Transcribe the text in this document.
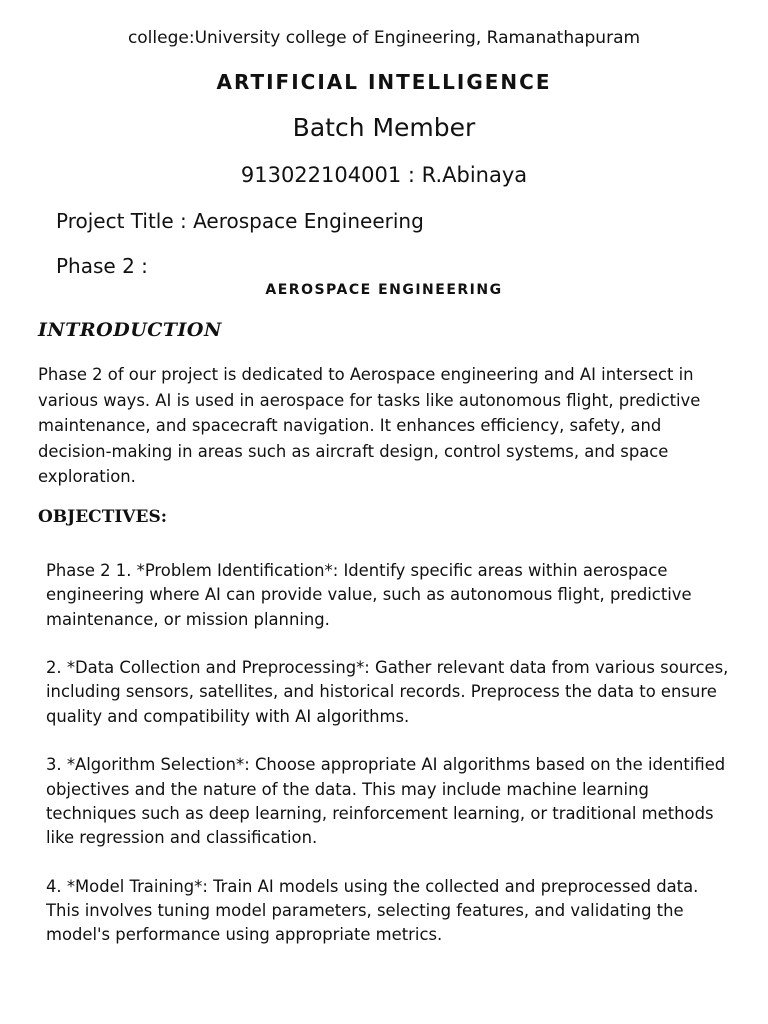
college:University college of Engineering, Ramanathapuram
ARTIFICIAL INTELLIGENCE
Batch Member
913022104001 : R.Abinaya
Project Title : Aerospace Engineering
Phase 2 :
AEROSPACE ENGINEERING
INTRODUCTION

Phase 2 of our project is dedicated to Aerospace engineering and AI intersect in various ways. AI is used in aerospace for tasks like autonomous flight, predictive maintenance, and spacecraft navigation. It enhances efficiency, safety, and decision-making in areas such as aircraft design, control systems, and space exploration.

OBJECTIVES:

Phase 2 1. *Problem Identification*: Identify specific areas within aerospace engineering where AI can provide value, such as autonomous flight, predictive maintenance, or mission planning.

2. *Data Collection and Preprocessing*: Gather relevant data from various sources, including sensors, satellites, and historical records. Preprocess the data to ensure quality and compatibility with AI algorithms.

3. *Algorithm Selection*: Choose appropriate AI algorithms based on the identified objectives and the nature of the data. This may include machine learning techniques such as deep learning, reinforcement learning, or traditional methods like regression and classification.

4. *Model Training*: Train AI models using the collected and preprocessed data. This involves tuning model parameters, selecting features, and validating the model's performance using appropriate metrics.
